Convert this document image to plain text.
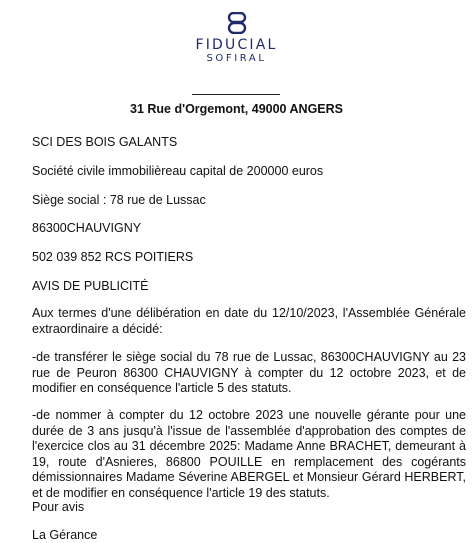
FIDUCIAL
SOFIRAL
31 Rue d'Orgemont, 49000 ANGERS
SCI DES BOIS GALANTS
Société civile immobilièreau capital de 200000 euros
Siège social : 78 rue de Lussac
86300CHAUVIGNY
502 039 852 RCS POITIERS
AVIS DE PUBLICITÉ
Aux termes d'une délibération en date du 12/10/2023, l'Assemblée Générale extraordinaire a décidé:
-de transférer le siège social du 78 rue de Lussac, 86300CHAUVIGNY au 23 rue de Peuron 86300 CHAUVIGNY à compter du 12 octobre 2023, et de modifier en conséquence l'article 5 des statuts.
-de nommer à compter du 12 octobre 2023 une nouvelle gérante pour une durée de 3 ans jusqu'à l'issue de l'assemblée d'approbation des comptes de l'exercice clos au 31 décembre 2025: Madame Anne BRACHET, demeurant à 19, route d'Asnieres, 86800 POUILLE en remplacement des cogérants démissionnaires Madame Séverine ABERGEL et Monsieur Gérard HERBERT, et de modifier en conséquence l'article 19 des statuts.
Pour avis
La Gérance
